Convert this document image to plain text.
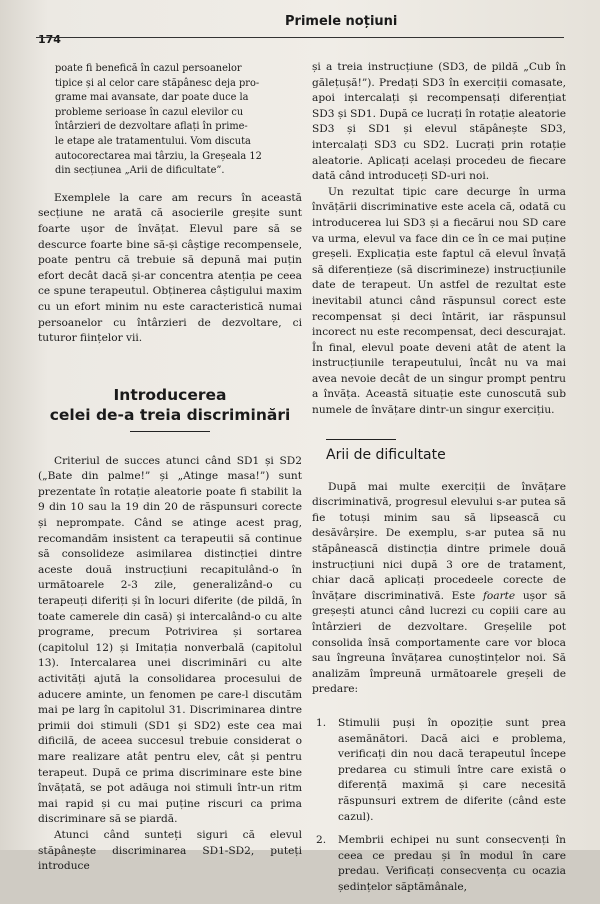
174
Primele noțiuni
poate fi benefică în cazul persoanelor
tipice și al celor care stăpânesc deja pro-
grame mai avansate, dar poate duce la
probleme serioase în cazul elevilor cu
întârzieri de dezvoltare aflați în prime-
le etape ale tratamentului. Vom discuta
autocorectarea mai târziu, la Greșeala 12
din secțiunea „Arii de dificultate”.

Exemplele la care am recurs în această secțiune ne arată că asocierile greșite sunt foarte ușor de învățat. Elevul pare să se descurce foarte bine să-și câștige recompensele, poate pentru că trebuie să depună mai puțin efort decât dacă și-ar concentra atenția pe ceea ce spune terapeutul. Obținerea câștigului maxim cu un efort minim nu este caracteristică numai persoanelor cu întârzieri de dezvoltare, ci tuturor ființelor vii.

Introducerea
celei de-a treia discriminări

Criteriul de succes atunci când SD1 și SD2 („Bate din palme!” și „Atinge masa!”) sunt prezentate în rotație aleatorie poate fi stabilit la 9 din 10 sau la 19 din 20 de răspunsuri corecte și neprompate. Când se atinge acest prag, recomandăm insistent ca terapeutii să continue să consolideze asimilarea distincției dintre aceste două instrucțiuni recapitulând-o în următoarele 2-3 zile, generalizând-o cu terapeuți diferiți și în locuri diferite (de pildă, în toate camerele din casă) și intercalând-o cu alte programe, precum Potrivirea și sortarea (capitolul 12) și Imitația nonverbală (capitolul 13). Intercalarea unei discriminări cu alte activități ajută la consolidarea procesului de aducere aminte, un fenomen pe care-l discutăm mai pe larg în capitolul 31. Discriminarea dintre primii doi stimuli (SD1 și SD2) este cea mai dificilă, de aceea succesul trebuie considerat o mare realizare atât pentru elev, cât și pentru terapeut. După ce prima discriminare este bine învățată, se pot adăuga noi stimuli într-un ritm mai rapid și cu mai puține riscuri ca prima discriminare să se piardă.

Atunci când sunteți siguri că elevul stăpânește discriminarea SD1-SD2, puteți introduce

și a treia instrucțiune (SD3, de pildă „Cub în gălețușă!”). Predați SD3 în exerciții comasate, apoi intercalați și recompensați diferențiat SD3 și SD1. După ce lucrați în rotație aleatorie SD3 și SD1 și elevul stăpânește SD3, intercalați SD3 cu SD2. Lucrați prin rotație aleatorie. Aplicați același procedeu de fiecare dată când introduceți SD-uri noi.

Un rezultat tipic care decurge în urma învățării discriminative este acela că, odată cu introducerea lui SD3 și a fiecărui nou SD care va urma, elevul va face din ce în ce mai puține greșeli. Explicația este faptul că elevul învață să diferențieze (să discrimineze) instrucțiunile date de terapeut. Un astfel de rezultat este inevitabil atunci când răspunsul corect este recompensat și deci întărit, iar răspunsul incorect nu este recompensat, deci descurajat. În final, elevul poate deveni atât de atent la instrucțiunile terapeutului, încât nu va mai avea nevoie decât de un singur prompt pentru a învăța. Această situație este cunoscută sub numele de învățare dintr-un singur exercițiu.

Arii de dificultate

După mai multe exerciții de învățare discriminativă, progresul elevului s-ar putea să fie totuși minim sau să lipsească cu desăvârșire. De exemplu, s-ar putea să nu stăpânească distincția dintre primele două instrucțiuni nici după 3 ore de tratament, chiar dacă aplicați procedeele corecte de învățare discriminativă. Este foarte ușor să greșești atunci când lucrezi cu copiii care au întârzieri de dezvoltare. Greșelile pot consolida însă comportamente care vor bloca sau îngreuna învățarea cunoștințelor noi. Să analizăm împreună următoarele greșeli de predare:

1. Stimulii puși în opoziție sunt prea asemănători. Dacă aici e problema, verificați din nou dacă terapeutul începe predarea cu stimuli între care există o diferență maximă și care necesită răspunsuri extrem de diferite (când este cazul).
2. Membrii echipei nu sunt consecvenți în ceea ce predau și în modul în care predau. Verificați consecvența cu ocazia ședințelor săptămânale,
